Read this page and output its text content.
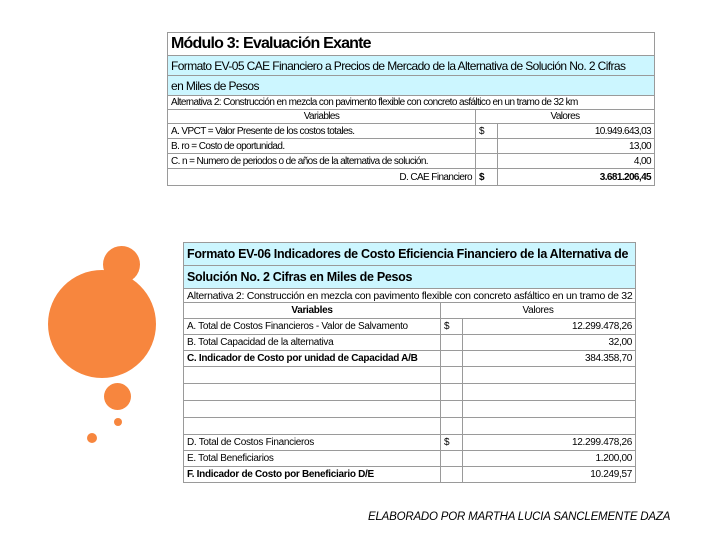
Módulo 3: Evaluación Exante		
Formato EV-05 CAE Financiero a Precios de Mercado de la Alternativa de Solución No. 2 Cifras		
en Miles de Pesos		
Alternativa 2: Construcción en mezcla con pavimento flexible con concreto asfáltico en un tramo de 32 km		
Variables	Valores	
A. VPCT = Valor Presente de los costos totales.	$	10.949.643,03
B. ro = Costo de oportunidad.		13,00
C. n = Numero de periodos o de años de la alternativa de solución.		4,00
D. CAE Financiero	$	3.681.206,45
Formato EV-06 Indicadores de Costo Eficiencia Financiero de la Alternativa de		
Solución No. 2 Cifras en Miles de Pesos		
Alternativa 2: Construcción en mezcla con pavimento flexible con concreto asfáltico en un tramo de 32		
Variables	Valores	
A. Total de Costos Financieros - Valor de Salvamento	$	12.299.478,26
B. Total Capacidad de la alternativa		32,00
C. Indicador de Costo por unidad de Capacidad A/B		384.358,70

D. Total de Costos Financieros	$	12.299.478,26
E. Total Beneficiarios		1.200,00
F. Indicador de Costo por Beneficiario D/E		10.249,57
ELABORADO POR MARTHA LUCIA SANCLEMENTE DAZA
